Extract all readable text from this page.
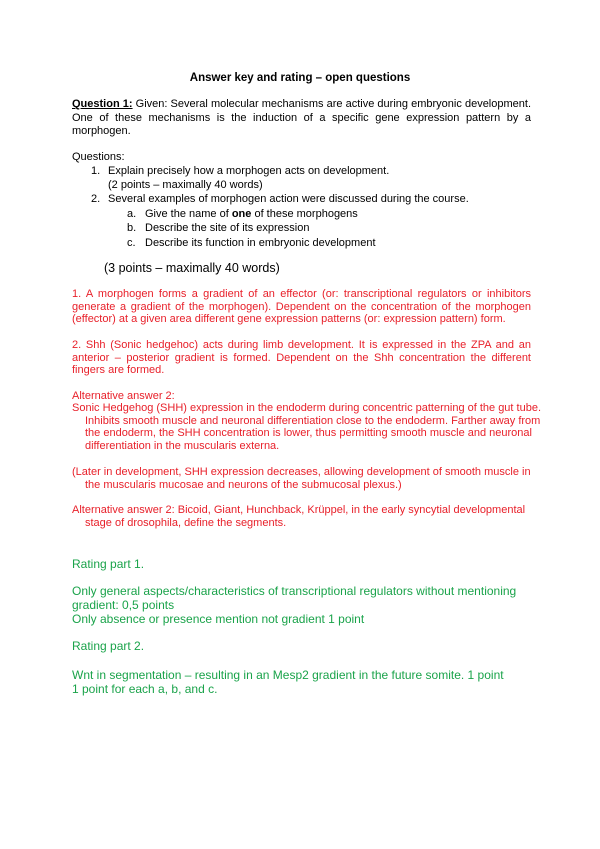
Answer key and rating – open questions
Question 1: Given: Several molecular mechanisms are active during embryonic development. One of these mechanisms is the induction of a specific gene expression pattern by a morphogen.
Questions:
1. Explain precisely how a morphogen acts on development.
(2 points – maximally 40 words)
2. Several examples of morphogen action were discussed during the course.
a. Give the name of one of these morphogens
b. Describe the site of its expression
c. Describe its function in embryonic development
(3 points – maximally 40 words)
1. A morphogen forms a gradient of an effector (or: transcriptional regulators or inhibitors generate a gradient of the morphogen). Dependent on the concentration of the morphogen (effector) at a given area different gene expression patterns (or: expression pattern) form.
2. Shh (Sonic hedgehoc) acts during limb development. It is expressed in the ZPA and an anterior – posterior gradient is formed. Dependent on the Shh concentration the different fingers are formed.
Alternative answer 2:
Sonic Hedgehog (SHH) expression in the endoderm during concentric patterning of the gut tube. Inhibits smooth muscle and neuronal differentiation close to the endoderm. Farther away from the endoderm, the SHH concentration is lower, thus permitting smooth muscle and neuronal differentiation in the muscularis externa.
(Later in development, SHH expression decreases, allowing development of smooth muscle in the muscularis mucosae and neurons of the submucosal plexus.)
Alternative answer 2: Bicoid, Giant, Hunchback, Krüppel, in the early syncytial developmental stage of drosophila, define the segments.
Rating part 1.
Only general aspects/characteristics of transcriptional regulators without mentioning gradient: 0,5 points
Only absence or presence mention not gradient 1 point
Rating part 2.
Wnt in segmentation – resulting in an Mesp2 gradient in the future somite. 1 point
1 point for each a, b, and c.
